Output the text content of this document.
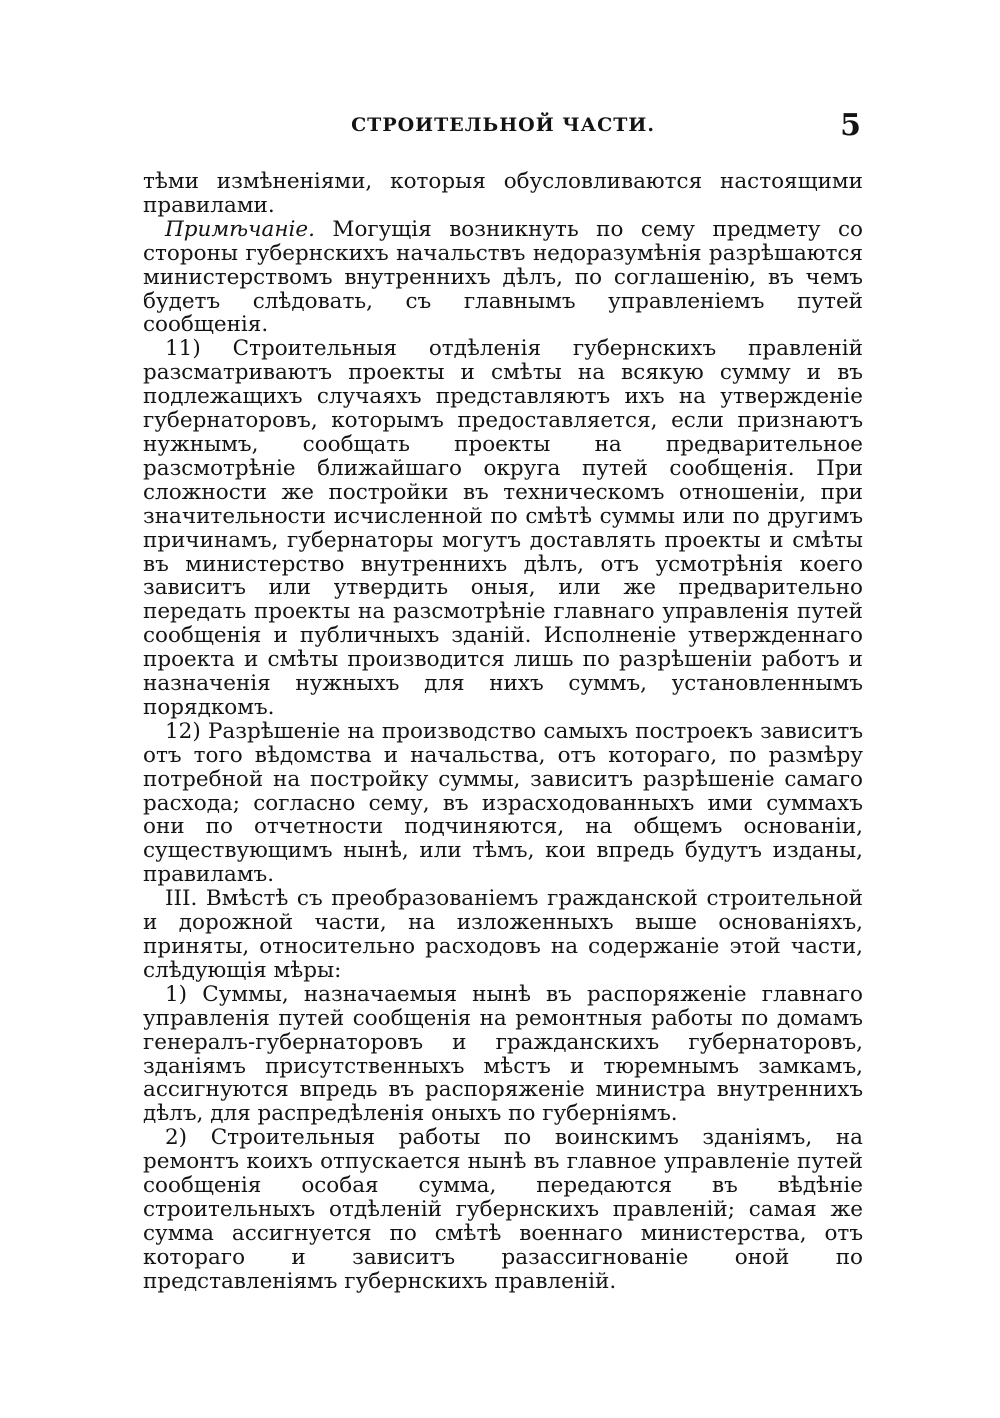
СТРОИТЕЛЬНОЙ ЧАСТИ.	5

тѣми измѣненіями, которыя обусловливаются настоящими правилами.

Примѣчаніе. Могущія возникнуть по сему предмету со стороны губернскихъ начальствъ недоразумѣнія разрѣшаются министерствомъ внутреннихъ дѣлъ, по соглашенію, въ чемъ будетъ слѣдовать, съ главнымъ управленіемъ путей сообщенія.

11) Строительныя отдѣленія губернскихъ правленій разсматриваютъ проекты и смѣты на всякую сумму и въ подлежащихъ случаяхъ представляютъ ихъ на утвержденіе губернаторовъ, которымъ предоставляется, если признаютъ нужнымъ, сообщать проекты на предварительное разсмотрѣніе ближайшаго округа путей сообщенія. При сложности же постройки въ техническомъ отношеніи, при значительности исчисленной по смѣтѣ суммы или по другимъ причинамъ, губернаторы могутъ доставлять проекты и смѣты въ министерство внутреннихъ дѣлъ, отъ усмотрѣнія коего зависитъ или утвердить оныя, или же предварительно передать проекты на разсмотрѣніе главнаго управленія путей сообщенія и публичныхъ зданій. Исполненіе утвержденнаго проекта и смѣты производится лишь по разрѣшеніи работъ и назначенія нужныхъ для нихъ суммъ, установленнымъ порядкомъ.

12) Разрѣшеніе на производство самыхъ построекъ зависитъ отъ того вѣдомства и начальства, отъ котораго, по размѣру потребной на постройку суммы, зависитъ разрѣшеніе самаго расхода; согласно сему, въ израсходованныхъ ими суммахъ они по отчетности подчиняются, на общемъ основаніи, существующимъ нынѣ, или тѣмъ, кои впредь будутъ изданы, правиламъ.

III. Вмѣстѣ съ преобразованіемъ гражданской строительной и дорожной части, на изложенныхъ выше основаніяхъ, приняты, относительно расходовъ на содержаніе этой части, слѣдующія мѣры:

1) Суммы, назначаемыя нынѣ въ распоряженіе главнаго управленія путей сообщенія на ремонтныя работы по домамъ генералъ-губернаторовъ и гражданскихъ губернаторовъ, зданіямъ присутственныхъ мѣстъ и тюремнымъ замкамъ, ассигнуются впредь въ распоряженіе министра внутреннихъ дѣлъ, для распредѣленія оныхъ по губерніямъ.

2) Строительныя работы по воинскимъ зданіямъ, на ремонтъ коихъ отпускается нынѣ въ главное управленіе путей сообщенія особая сумма, передаются въ вѣдѣніе строительныхъ отдѣленій губернскихъ правленій; самая же сумма ассигнуется по смѣтѣ военнаго министерства, отъ котораго и зависитъ разассигнованіе оной по представленіямъ губернскихъ правленій.
